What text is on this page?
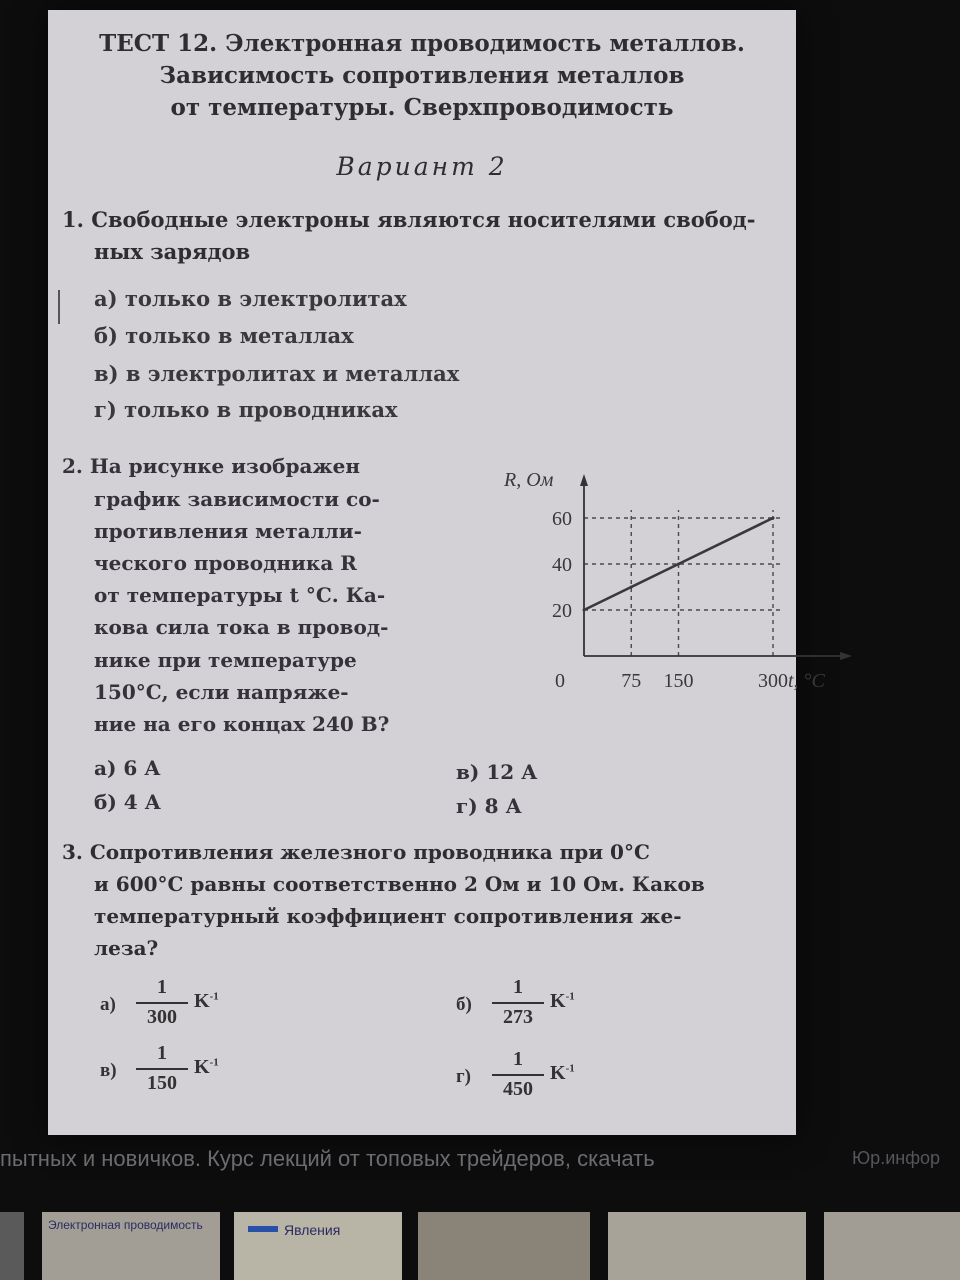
ТЕСТ 12. Электронная проводимость металлов.
Зависимость сопротивления металлов
от температуры. Сверхпроводимость
Вариант 2
1. Свободные электроны являются носителями свобод-
ных зарядов
а) только в электролитах
б) только в металлах
в) в электролитах и металлах
г) только в проводниках
2. На рисунке изображен
график зависимости со-
противления металли-
ческого проводника R
от температуры t °С. Ка-
кова сила тока в провод-
нике при температуре
150°С, если напряже-
ние на его концах 240 В?
20
40
60
0	75 150	300
R, Ом
t, °С
а) 6 А
б) 4 А
в) 12 А
г) 8 А
3. Сопротивления железного проводника при 0°С
и 600°С равны соответственно 2 Ом и 10 Ом. Каков
температурный коэффициент сопротивления же-
леза?
а)
1
300
$K^{-1}$	б)
1
273
$K^{-1}$
в)
1
150
$K^{-1}$
г)
1
450
$K^{-1}$
пытных и новичков. Курс лекций от топовых трейдеров, скачать	Юр.инфор
Электронная проводимость	Явления
